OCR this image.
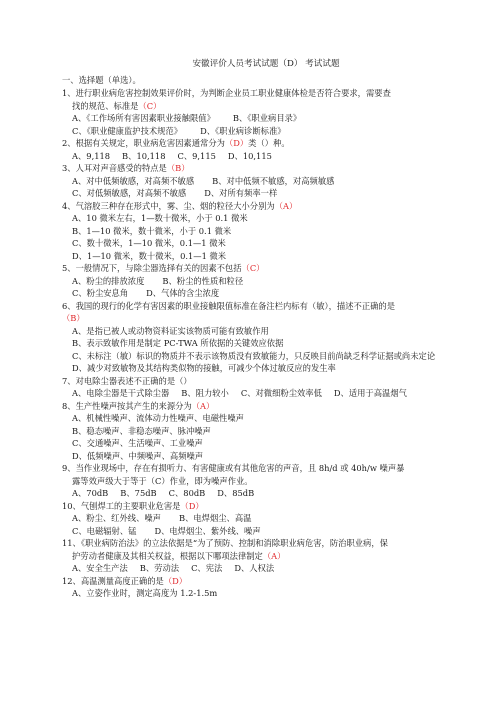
安徽评价人员考试试题（D） 考试试题
一、选择题（单选）。
1、进行职业病危害控制效果评价时，为判断企业员工职业健康体检是否符合要求，需要查
找的规范、标准是（C）
A、《工作场所有害因素职业接触限值》 B、《职业病目录》
C、《职业健康监护技术规范》 D、《职业病诊断标准》
2、根据有关规定，职业病危害因素通常分为（D）类（）种。
A、9,118 B、10,118 C、9,115 D、10,115
3、人耳对声音感受的特点是（B）
A、对中低频敏感，对高频不敏感 B、对中低频不敏感，对高频敏感
C、对低频敏感，对高频不敏感 D、对所有频率一样
4、气溶胶三种存在形式中，雾、尘、烟的粒径大小分别为（A）
A、10 微米左右，1—数十微米，小于 0.1 微米
B、1—10 微米，数十微米，小于 0.1 微米
C、数十微米，1—10 微米，0.1—1 微米
D、1—10 微米，数十微米，0.1—1 微米
5、一般情况下，与除尘器选择有关的因素不包括（C）
A、粉尘的排放浓度 B、粉尘的性质和粒径
C、粉尘安息角 D、气体的含尘浓度
6、我国的现行的化学有害因素的职业接触限值标准在备注栏内标有（敏），描述不正确的是
（B）
A、是指已被人或动物资料证实该物质可能有致敏作用
B、表示致敏作用是制定 PC-TWA 所依据的关键效应依据
C、未标注（敏）标识的物质并不表示该物质没有致敏能力，只反映目前尚缺乏科学证据或尚未定论
D、减少对致敏物及其结构类似物的接触，可减少个体过敏反应的发生率
7、对电除尘器表述不正确的是（）
A、电除尘器是干式除尘器 B、阻力较小 C、对微细粉尘效率低 D、适用于高温烟气
8、生产性噪声按其产生的来源分为（A）
A、机械性噪声、流体动力性噪声、电磁性噪声
B、稳态噪声、非稳态噪声、脉冲噪声
C、交通噪声、生活噪声、工业噪声
D、低频噪声、中频噪声、高频噪声
9、当作业现场中，存在有损听力、有害健康或有其他危害的声音，且 8h/d 或 40h/w 噪声暴
露等效声级大于等于（C）作业，即为噪声作业。
A、70dB B、75dB C、80dB D、85dB
10、气刨焊工的主要职业危害是（D）
A、粉尘、红外线、噪声 B、电焊烟尘、高温
C、电磁辐射、锰 D、电焊烟尘、紫外线、噪声
11、《职业病防治法》的立法依据是“为了预防、控制和消除职业病危害，防治职业病，保
护劳动者健康及其相关权益，根据以下哪项法律制定（A）
A、安全生产法 B、劳动法 C、宪法 D、人权法
12、高温测量高度正确的是（D）
A、立姿作业时，测定高度为 1.2-1.5m
